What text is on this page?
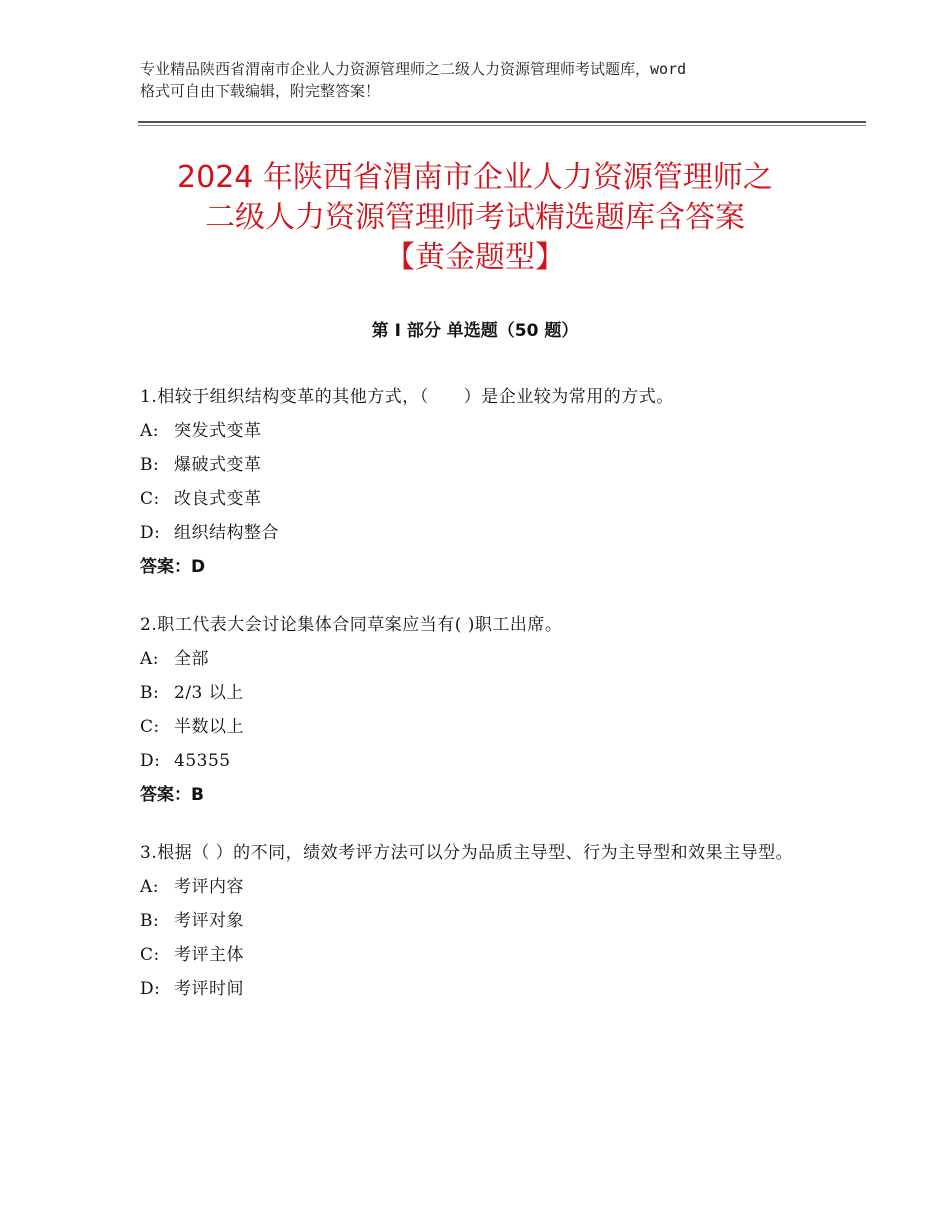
专业精品陕西省渭南市企业人力资源管理师之二级人力资源管理师考试题库，word
格式可自由下载编辑，附完整答案！
2024 年陕西省渭南市企业人力资源管理师之
二级人力资源管理师考试精选题库含答案
【黄金题型】
第 I 部分 单选题（50 题）
1.相较于组织结构变革的其他方式，（　　）是企业较为常用的方式。
A: 突发式变革
B: 爆破式变革
C: 改良式变革
D: 组织结构整合
答案：D
2.职工代表大会讨论集体合同草案应当有( )职工出席。
A: 全部
B: 2/3 以上
C: 半数以上
D: 45355
答案：B
3.根据（ ）的不同，绩效考评方法可以分为品质主导型、行为主导型和效果主导型。
A: 考评内容
B: 考评对象
C: 考评主体
D: 考评时间
